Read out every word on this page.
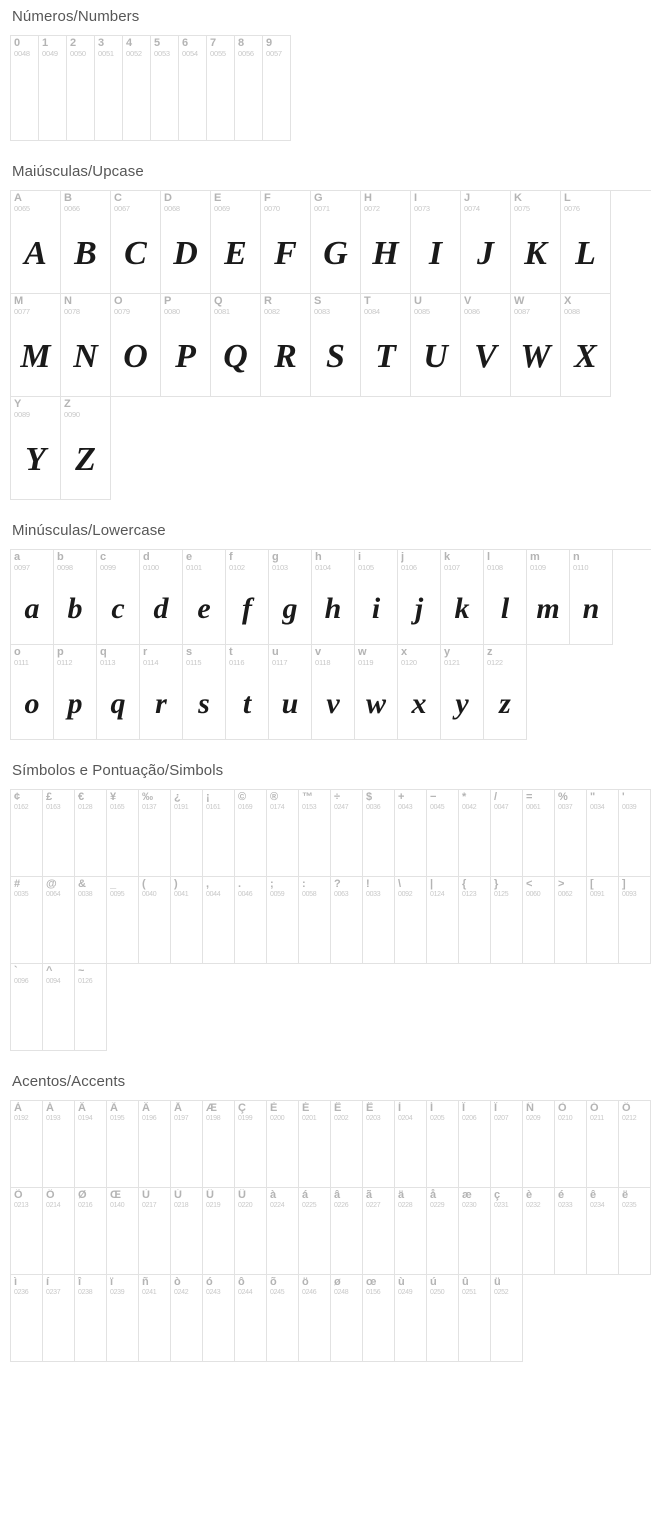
Números/Numbers
0
0048
1
0049
2
0050
3
0051
4
0052
5
0053
6
0054
7
0055
8
0056
9
0057
Maiúsculas/Upcase
A
0065
A
B
0066
B
C
0067
C
D
0068
D
E
0069
E
F
0070
F
G
0071
G
H
0072
H
I
0073
I
J
0074
J
K
0075
K
L
0076
L
M
0077
M
N
0078
N
O
0079
O
P
0080
P
Q
0081
Q
R
0082
R
S
0083
S
T
0084
T
U
0085
U
V
0086
V
W
0087
W
X
0088
X
Y
0089
Y
Z
0090
Z
Minúsculas/Lowercase
a
0097
a
b
0098
b
c
0099
c
d
0100
d
e
0101
e
f
0102
f
g
0103
g
h
0104
h
i
0105
i
j
0106
j
k
0107
k
l
0108
l
m
0109
m
n
0110
n
o
0111
o
p
0112
p
q
0113
q
r
0114
r
s
0115
s
t
0116
t
u
0117
u
v
0118
v
w
0119
w
x
0120
x
y
0121
y
z
0122
z
Símbolos e Pontuação/Simbols
¢
0162
£
0163
€
0128
¥
0165
‰
0137
¿
0191
¡
0161
©
0169
®
0174
™
0153
÷
0247
$
0036
+
0043
−
0045
*
0042
/
0047
=
0061
%
0037
"
0034
'
0039
#
0035
@
0064
&
0038
_
0095
(
0040
)
0041
,
0044
.
0046
;
0059
:
0058
?
0063
!
0033
\
0092
|
0124
{
0123
}
0125
<
0060
>
0062
[
0091
]
0093
`
0096
^
0094
~
0126
Acentos/Accents
À
0192
Á
0193
Â
0194
Ã
0195
Ä
0196
Å
0197
Æ
0198
Ç
0199
È
0200
É
0201
Ê
0202
Ë
0203
Ì
0204
Í
0205
Î
0206
Ï
0207
Ñ
0209
Ò
0210
Ó
0211
Ô
0212
Õ
0213
Ö
0214
Ø
0216
Œ
0140
Ù
0217
Ú
0218
Û
0219
Ü
0220
à
0224
á
0225
â
0226
ã
0227
ä
0228
å
0229
æ
0230
ç
0231
è
0232
é
0233
ê
0234
ë
0235
ì
0236
í
0237
î
0238
ï
0239
ñ
0241
ò
0242
ó
0243
ô
0244
õ
0245
ö
0246
ø
0248
œ
0156
ù
0249
ú
0250
û
0251
ü
0252
